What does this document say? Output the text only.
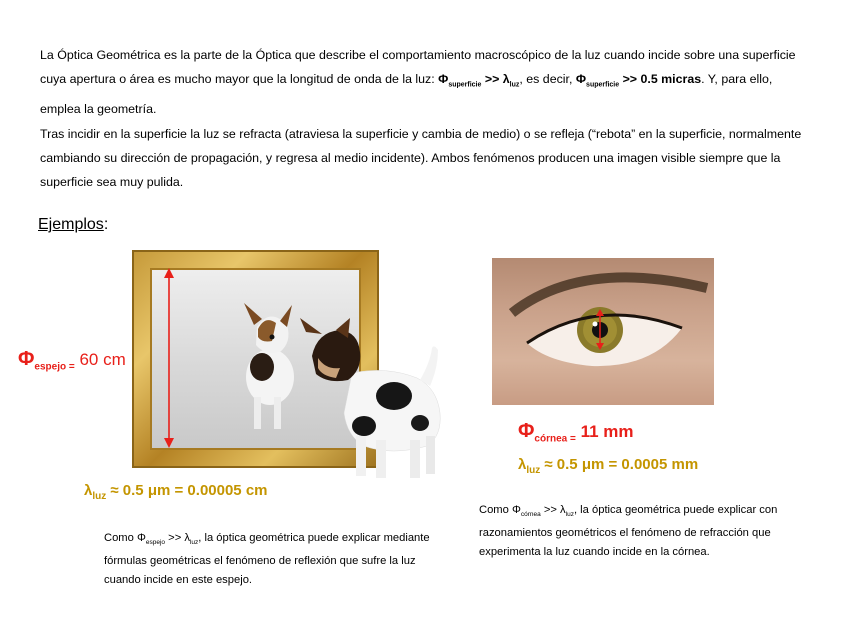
La Óptica Geométrica es la parte de la Óptica que describe el comportamiento macroscópico de la luz cuando incide sobre una superficie cuya apertura o área es mucho mayor que la longitud de onda de la luz: $\Phi_{superficie} >> \lambda_{luz}$, es decir, $\Phi_{superficie} >> 0.5$ micras. Y, para ello, emplea la geometría.

Tras incidir en la superficie la luz se refracta (atraviesa la superficie y cambia de medio) o se refleja (“rebota” en la superficie, normalmente cambiando su dirección de propagación, y regresa al medio incidente). Ambos fenómenos producen una imagen visible siempre que la superficie sea muy pulida.

Ejemplos:
$\Phi_{espejo =}$ 60 cm
$\lambda_{luz} \approx 0.5$ μm = 0.00005 cm

Como $\Phi_{espejo} >> \lambda_{luz}$, la óptica geométrica puede explicar mediante fórmulas geométricas el fenómeno de reflexión que sufre la luz cuando incide en este espejo.

$\Phi_{córnea =}$ 11 mm
$\lambda_{luz} \approx 0.5$ μm = 0.0005 mm

Como $\Phi_{córnea} >> \lambda_{luz}$, la óptica geométrica puede explicar con razonamientos geométricos el fenómeno de refracción que experimenta la luz cuando incide en la córnea.
